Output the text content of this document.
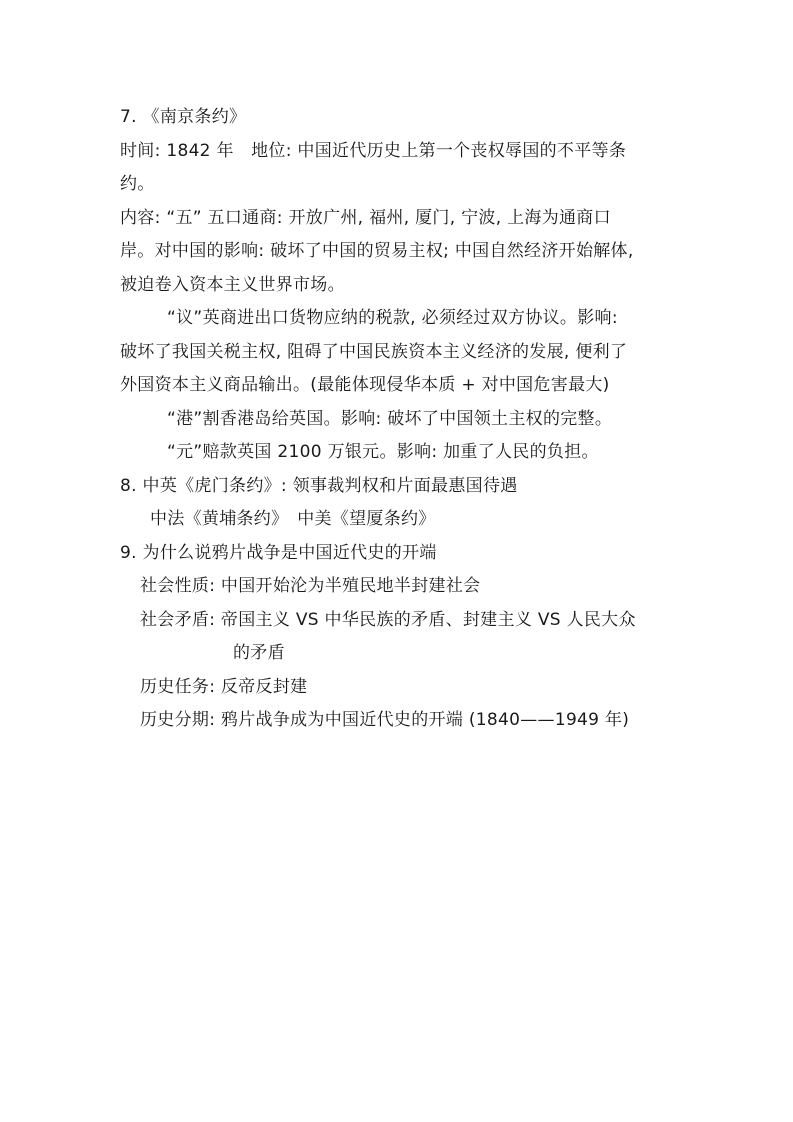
7. 《南京条约》
时间: 1842 年　地位: 中国近代历史上第一个丧权辱国的不平等条
约。
内容: “五” 五口通商: 开放广州, 福州, 厦门, 宁波, 上海为通商口
岸。对中国的影响: 破坏了中国的贸易主权; 中国自然经济开始解体,
被迫卷入资本主义世界市场。
“议”英商进出口货物应纳的税款, 必须经过双方协议。影响:
破坏了我国关税主权, 阻碍了中国民族资本主义经济的发展, 便利了
外国资本主义商品输出。(最能体现侵华本质 + 对中国危害最大)
“港”割香港岛给英国。影响: 破坏了中国领土主权的完整。
“元”赔款英国 2100 万银元。影响: 加重了人民的负担。
8. 中英《虎门条约》: 领事裁判权和片面最惠国待遇
中法《黄埔条约》　中美《望厦条约》
9. 为什么说鸦片战争是中国近代史的开端
社会性质: 中国开始沦为半殖民地半封建社会
社会矛盾: 帝国主义 VS 中华民族的矛盾、封建主义 VS 人民大众
的矛盾
历史任务: 反帝反封建
历史分期: 鸦片战争成为中国近代史的开端 (1840——1949 年)
